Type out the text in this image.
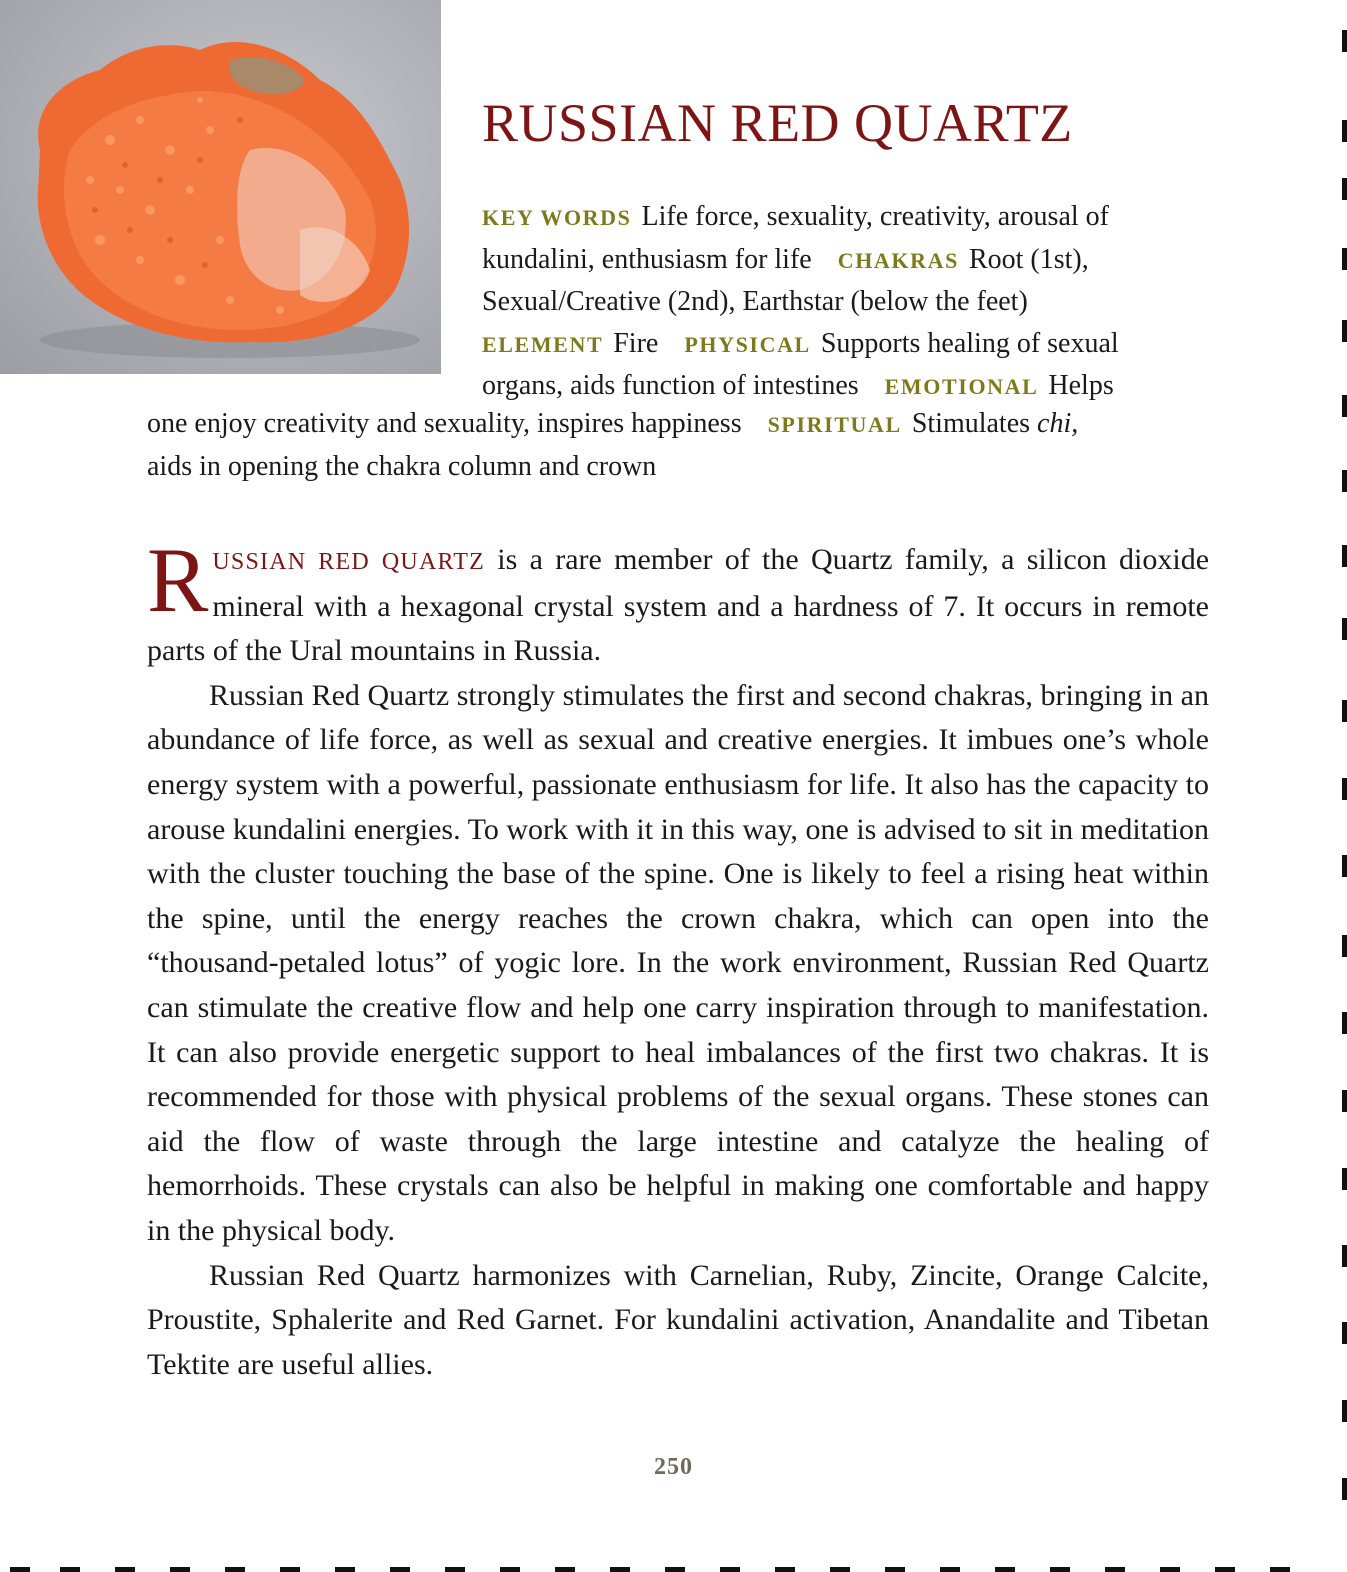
RUSSIAN RED QUARTZ

KEY WORDS Life force, sexuality, creativity, arousal of
kundalini, enthusiasm for life CHAKRAS Root (1st),
Sexual/Creative (2nd), Earthstar (below the feet)
ELEMENT Fire PHYSICAL Supports healing of sexual
organs, aids function of intestines EMOTIONAL Helps

one enjoy creativity and sexuality, inspires happiness SPIRITUAL Stimulates chi,
aids in opening the chakra column and crown

RUSSIAN RED QUARTZ is a rare member of the Quartz family, a silicon dioxide mineral with a hexagonal crystal system and a hardness of 7. It occurs in remote parts of the Ural mountains in Russia.

Russian Red Quartz strongly stimulates the first and second chakras, bringing in an abundance of life force, as well as sexual and creative energies. It imbues one’s whole energy system with a powerful, passionate enthusiasm for life. It also has the capacity to arouse kundalini energies. To work with it in this way, one is advised to sit in meditation with the cluster touching the base of the spine. One is likely to feel a rising heat within the spine, until the energy reaches the crown chakra, which can open into the “thousand-petaled lotus” of yogic lore. In the work environment, Russian Red Quartz can stimulate the creative flow and help one carry inspiration through to manifestation. It can also provide energetic support to heal imbalances of the first two chakras. It is recommended for those with physical problems of the sexual organs. These stones can aid the flow of waste through the large intestine and catalyze the healing of hemorrhoids. These crystals can also be helpful in making one comfortable and happy in the physical body.

Russian Red Quartz harmonizes with Carnelian, Ruby, Zincite, Orange Calcite, Proustite, Sphalerite and Red Garnet. For kundalini activation, Anandalite and Tibetan Tektite are useful allies.

250
